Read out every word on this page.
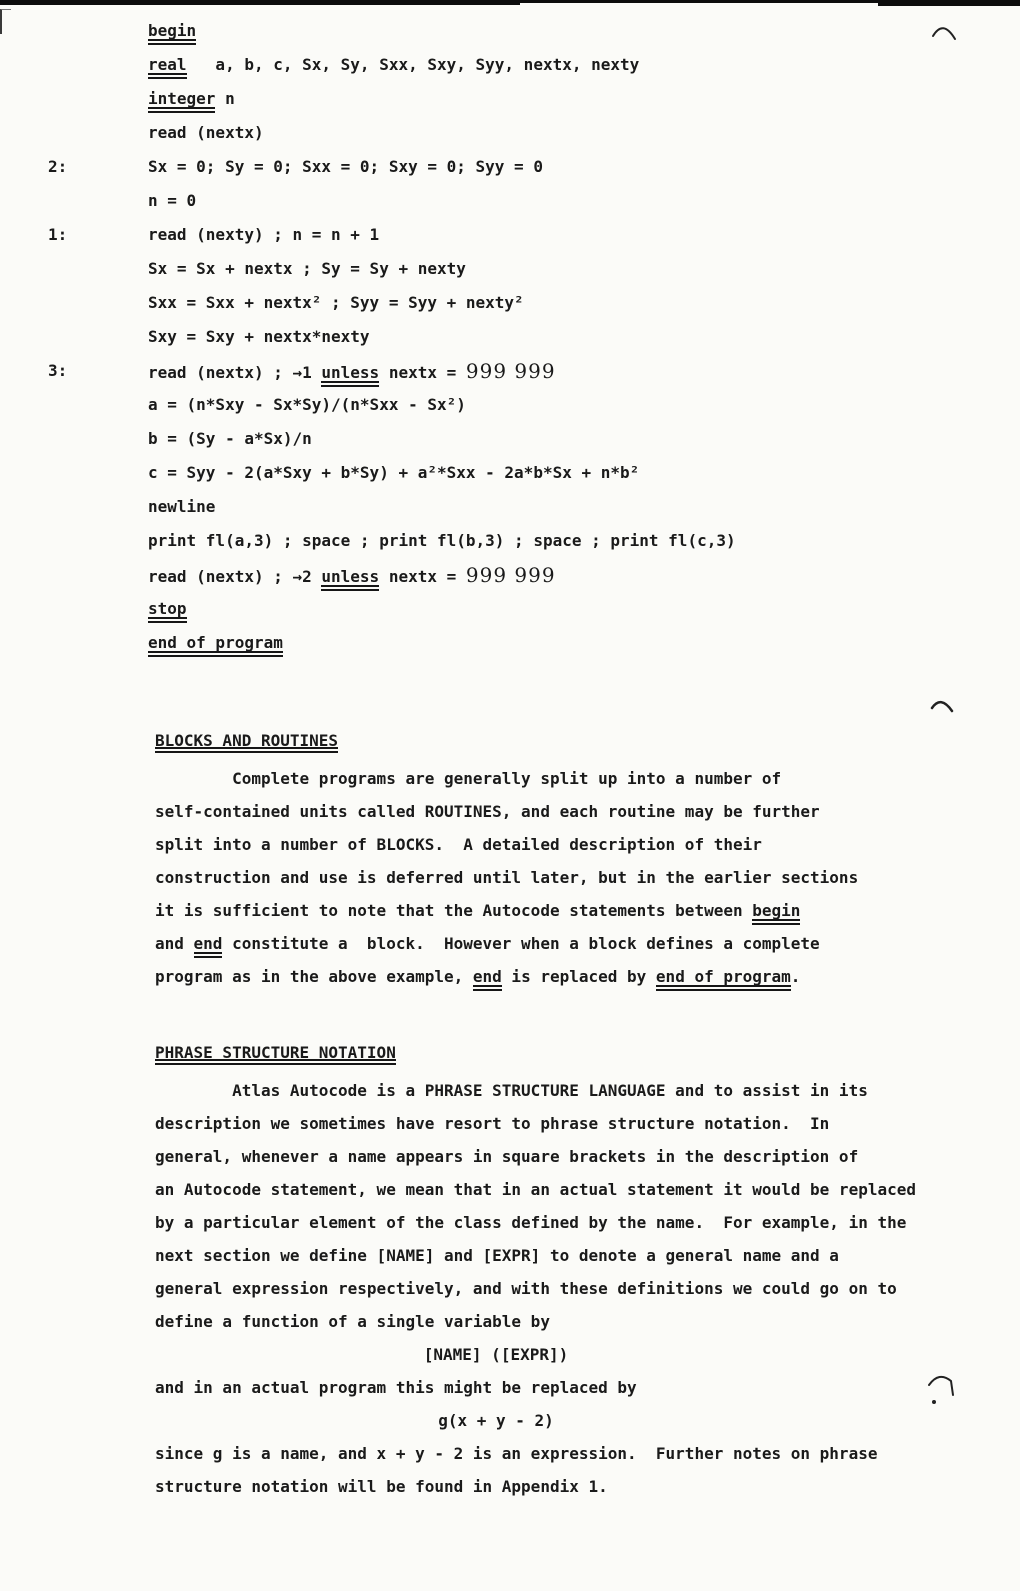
begin
real   a, b, c, Sx, Sy, Sxx, Sxy, Syy, nextx, nexty
integer n
read (nextx)
2:	Sx = 0; Sy = 0; Sxx = 0; Sxy = 0; Syy = 0
n = 0
1:	read (nexty) ; n = n + 1
Sx = Sx + nextx ; Sy = Sy + nexty
Sxx = Sxx + nextx² ; Syy = Syy + nexty²
Sxy = Sxy + nextx*nexty
3:	read (nextx) ; →1 unless nextx = 999 999
a = (n*Sxy - Sx*Sy)/(n*Sxx - Sx²)
b = (Sy - a*Sx)/n
c = Syy - 2(a*Sxy + b*Sy) + a²*Sxx - 2a*b*Sx + n*b²
newline
print fl(a,3) ; space ; print fl(b,3) ; space ; print fl(c,3)
read (nextx) ; →2 unless nextx = 999 999
stop
end of program
BLOCKS AND ROUTINES
Complete programs are generally split up into a number of
self-contained units called ROUTINES, and each routine may be further
split into a number of BLOCKS.  A detailed description of their
construction and use is deferred until later, but in the earlier sections
it is sufficient to note that the Autocode statements between begin
and end constitute a  block.  However when a block defines a complete
program as in the above example, end is replaced by end of program.
PHRASE STRUCTURE NOTATION
Atlas Autocode is a PHRASE STRUCTURE LANGUAGE and to assist in its
description we sometimes have resort to phrase structure notation.  In
general, whenever a name appears in square brackets in the description of
an Autocode statement, we mean that in an actual statement it would be replaced
by a particular element of the class defined by the name.  For example, in the
next section we define [NAME] and [EXPR] to denote a general name and a
general expression respectively, and with these definitions we could go on to
define a function of a single variable by
[NAME] ([EXPR])
and in an actual program this might be replaced by
g(x + y - 2)
since g is a name, and x + y - 2 is an expression.  Further notes on phrase
structure notation will be found in Appendix 1.
